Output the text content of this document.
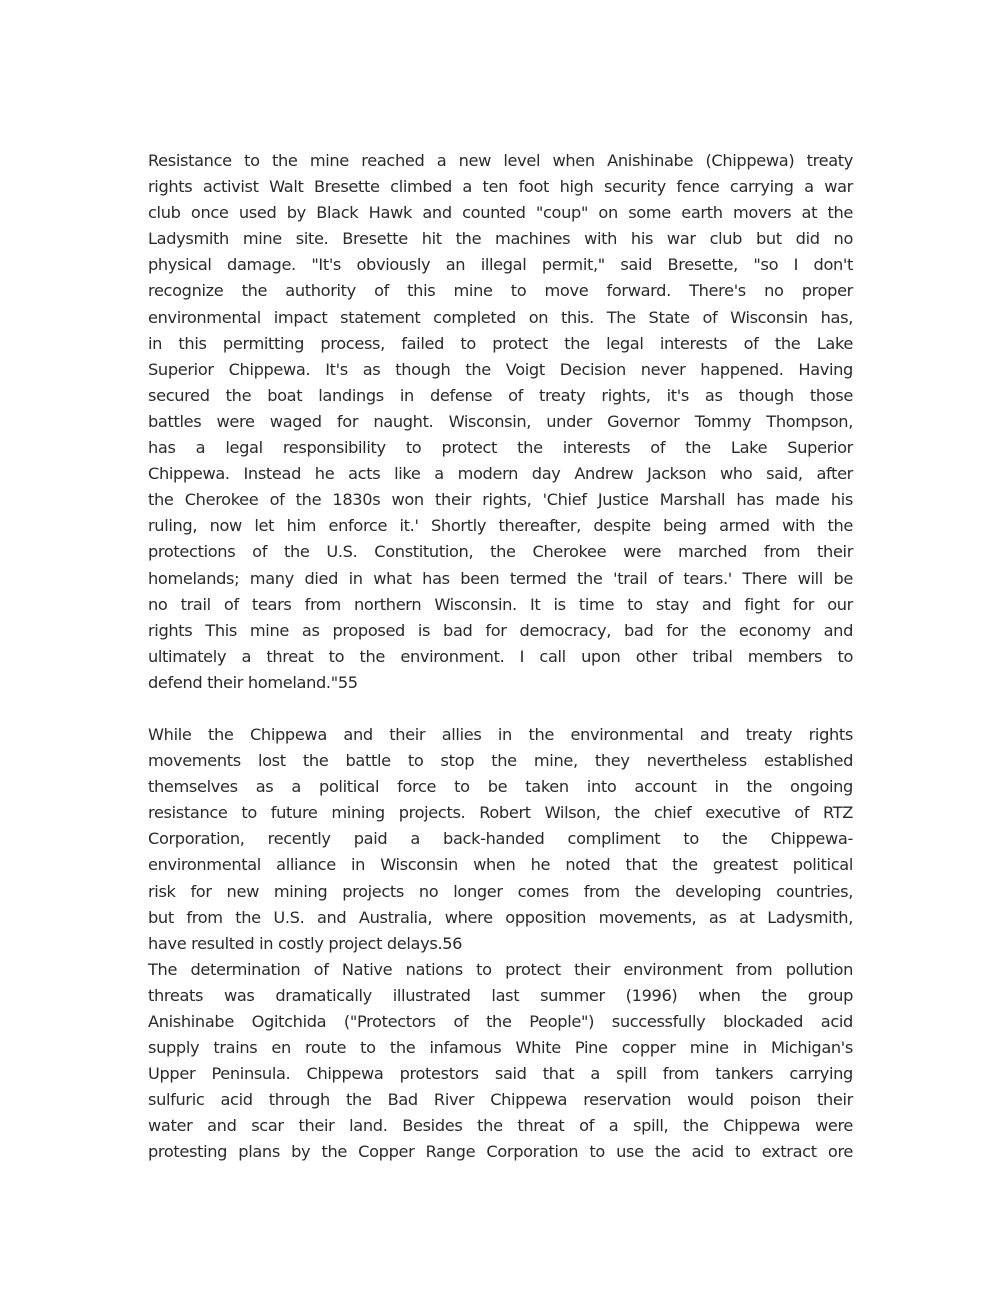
Resistance to the mine reached a new level when Anishinabe (Chippewa) treaty
rights activist Walt Bresette climbed a ten foot high security fence carrying a war
club once used by Black Hawk and counted "coup" on some earth movers at the
Ladysmith mine site. Bresette hit the machines with his war club but did no
physical damage. "It's obviously an illegal permit," said Bresette, "so I don't
recognize the authority of this mine to move forward. There's no proper
environmental impact statement completed on this. The State of Wisconsin has,
in this permitting process, failed to protect the legal interests of the Lake
Superior Chippewa. It's as though the Voigt Decision never happened. Having
secured the boat landings in defense of treaty rights, it's as though those
battles were waged for naught. Wisconsin, under Governor Tommy Thompson,
has a legal responsibility to protect the interests of the Lake Superior
Chippewa. Instead he acts like a modern day Andrew Jackson who said, after
the Cherokee of the 1830s won their rights, 'Chief Justice Marshall has made his
ruling, now let him enforce it.' Shortly thereafter, despite being armed with the
protections of the U.S. Constitution, the Cherokee were marched from their
homelands; many died in what has been termed the 'trail of tears.' There will be
no trail of tears from northern Wisconsin. It is time to stay and fight for our
rights This mine as proposed is bad for democracy, bad for the economy and
ultimately a threat to the environment. I call upon other tribal members to
defend their homeland."55
While the Chippewa and their allies in the environmental and treaty rights
movements lost the battle to stop the mine, they nevertheless established
themselves as a political force to be taken into account in the ongoing
resistance to future mining projects. Robert Wilson, the chief executive of RTZ
Corporation, recently paid a back-handed compliment to the Chippewa-
environmental alliance in Wisconsin when he noted that the greatest political
risk for new mining projects no longer comes from the developing countries,
but from the U.S. and Australia, where opposition movements, as at Ladysmith,
have resulted in costly project delays.56
The determination of Native nations to protect their environment from pollution
threats was dramatically illustrated last summer (1996) when the group
Anishinabe Ogitchida ("Protectors of the People") successfully blockaded acid
supply trains en route to the infamous White Pine copper mine in Michigan's
Upper Peninsula. Chippewa protestors said that a spill from tankers carrying
sulfuric acid through the Bad River Chippewa reservation would poison their
water and scar their land. Besides the threat of a spill, the Chippewa were
protesting plans by the Copper Range Corporation to use the acid to extract ore
